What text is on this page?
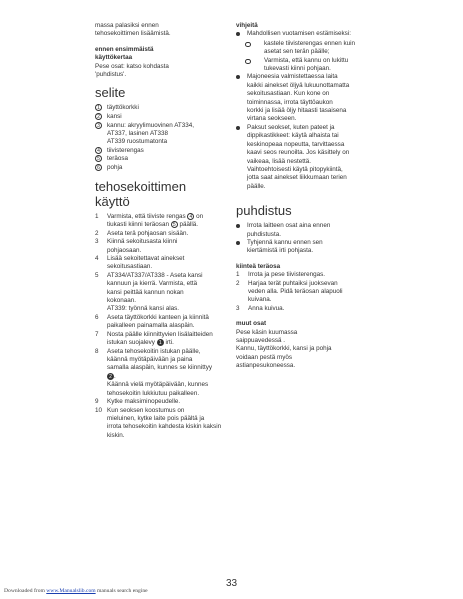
massa palasiksi ennen

tehosekoittimen lisäämistä.

ennen ensimmäistä

käyttökertaa

Pese osat: katso kohdasta

'puhdistus'.

selite
1	täyttökorkki

2	kansi

3	kannu: akryylimuovinen AT334,

AT337, lasinen AT338

AT339 ruostumatonta

4	tiivisterengas

5	teräosa

6	pohja

tehosekoittimen käyttö
1	Varmista, että tiiviste rengas 4 on

tiukasti kiinni teräosan 5 päällä.

2	Aseta terä pohjaosan sisään.

3	Kiinnä sekoitusasta kiinni

pohjaosaan.

4	Lisää sekoitettavat ainekset

sekoitusastiaan.

5	AT334/AT337/AT338 - Aseta kansi

kannuun ja kierrä. Varmista, että

kansi peittää kannun nokan

kokonaan.

AT339: työnnä kansi alas.

6	Aseta täyttökorkki kanteen ja kiinnitä

paikalleen painamalla alaspäin.

7	Nosta päälle kiinnittyvien lisälaitteiden

istukan suojalevy 1 irti.

8	Aseta tehosekoitin istukan päälle,

käännä myötäpäivään ja paina

samalla alaspäin, kunnes se kiinnittyy

2 .

Käännä vielä myötäpäivään, kunnes

tehosekoitin lukkiutuu paikalleen.

9	Kytke maksiminopeudelle.

10 Kun seoksen koostumus on

mieluinen, kytke laite pois päältä ja

irrota tehosekoitin kahdesta kiskin kaksin kiskin.

vihjeitä

Mahdollisen vuotamisen estämiseksi:

kastele tiivisterengas ennen kuin

asetat sen terän päälle;

Varmista, että kannu on lukittu

tukevasti kiinni pohjaan.

Majoneesia valmistettaessa laita

kaikki ainekset öljyä lukuunottamatta

sekoitusastiaan. Kun kone on

toiminnassa, irrota täyttöaukon

korkki ja lisää öljy hitaasti tasaisena

virtana seokseen.

Paksut seokset, kuten pateet ja

dippikastikkeet: käytä alhaista tai

keskinopeaa nopeutta, tarvittaessa

kaavi seos reunoilta. Jos käsittely on

vaikeaa, lisää nestettä.

Vaihtoehtoisesti käytä pitopykiintä,

jotta saat ainekset liikkumaan terien

päälle.

puhdistus

Irrota laitteen osat aina ennen

puhdistusta.

Tyhjennä kannu ennen sen

kiertämistä irti pohjasta.

kiinteä teräosa

1	Irrota ja pese tiivisterengas.

2	Harjaa terät puhtaiksi juoksevan

veden alla. Pidä teräosan alapuoli

kuivana.

3	Anna kuivua.

muut osat

Pese käsin kuumassa

saippuavedessä .

Kannu, täyttökorkki, kansi ja pohja

voidaan pestä myös

astianpesukoneessa.

33
Downloaded from www.Manualslib.com manuals search engine
